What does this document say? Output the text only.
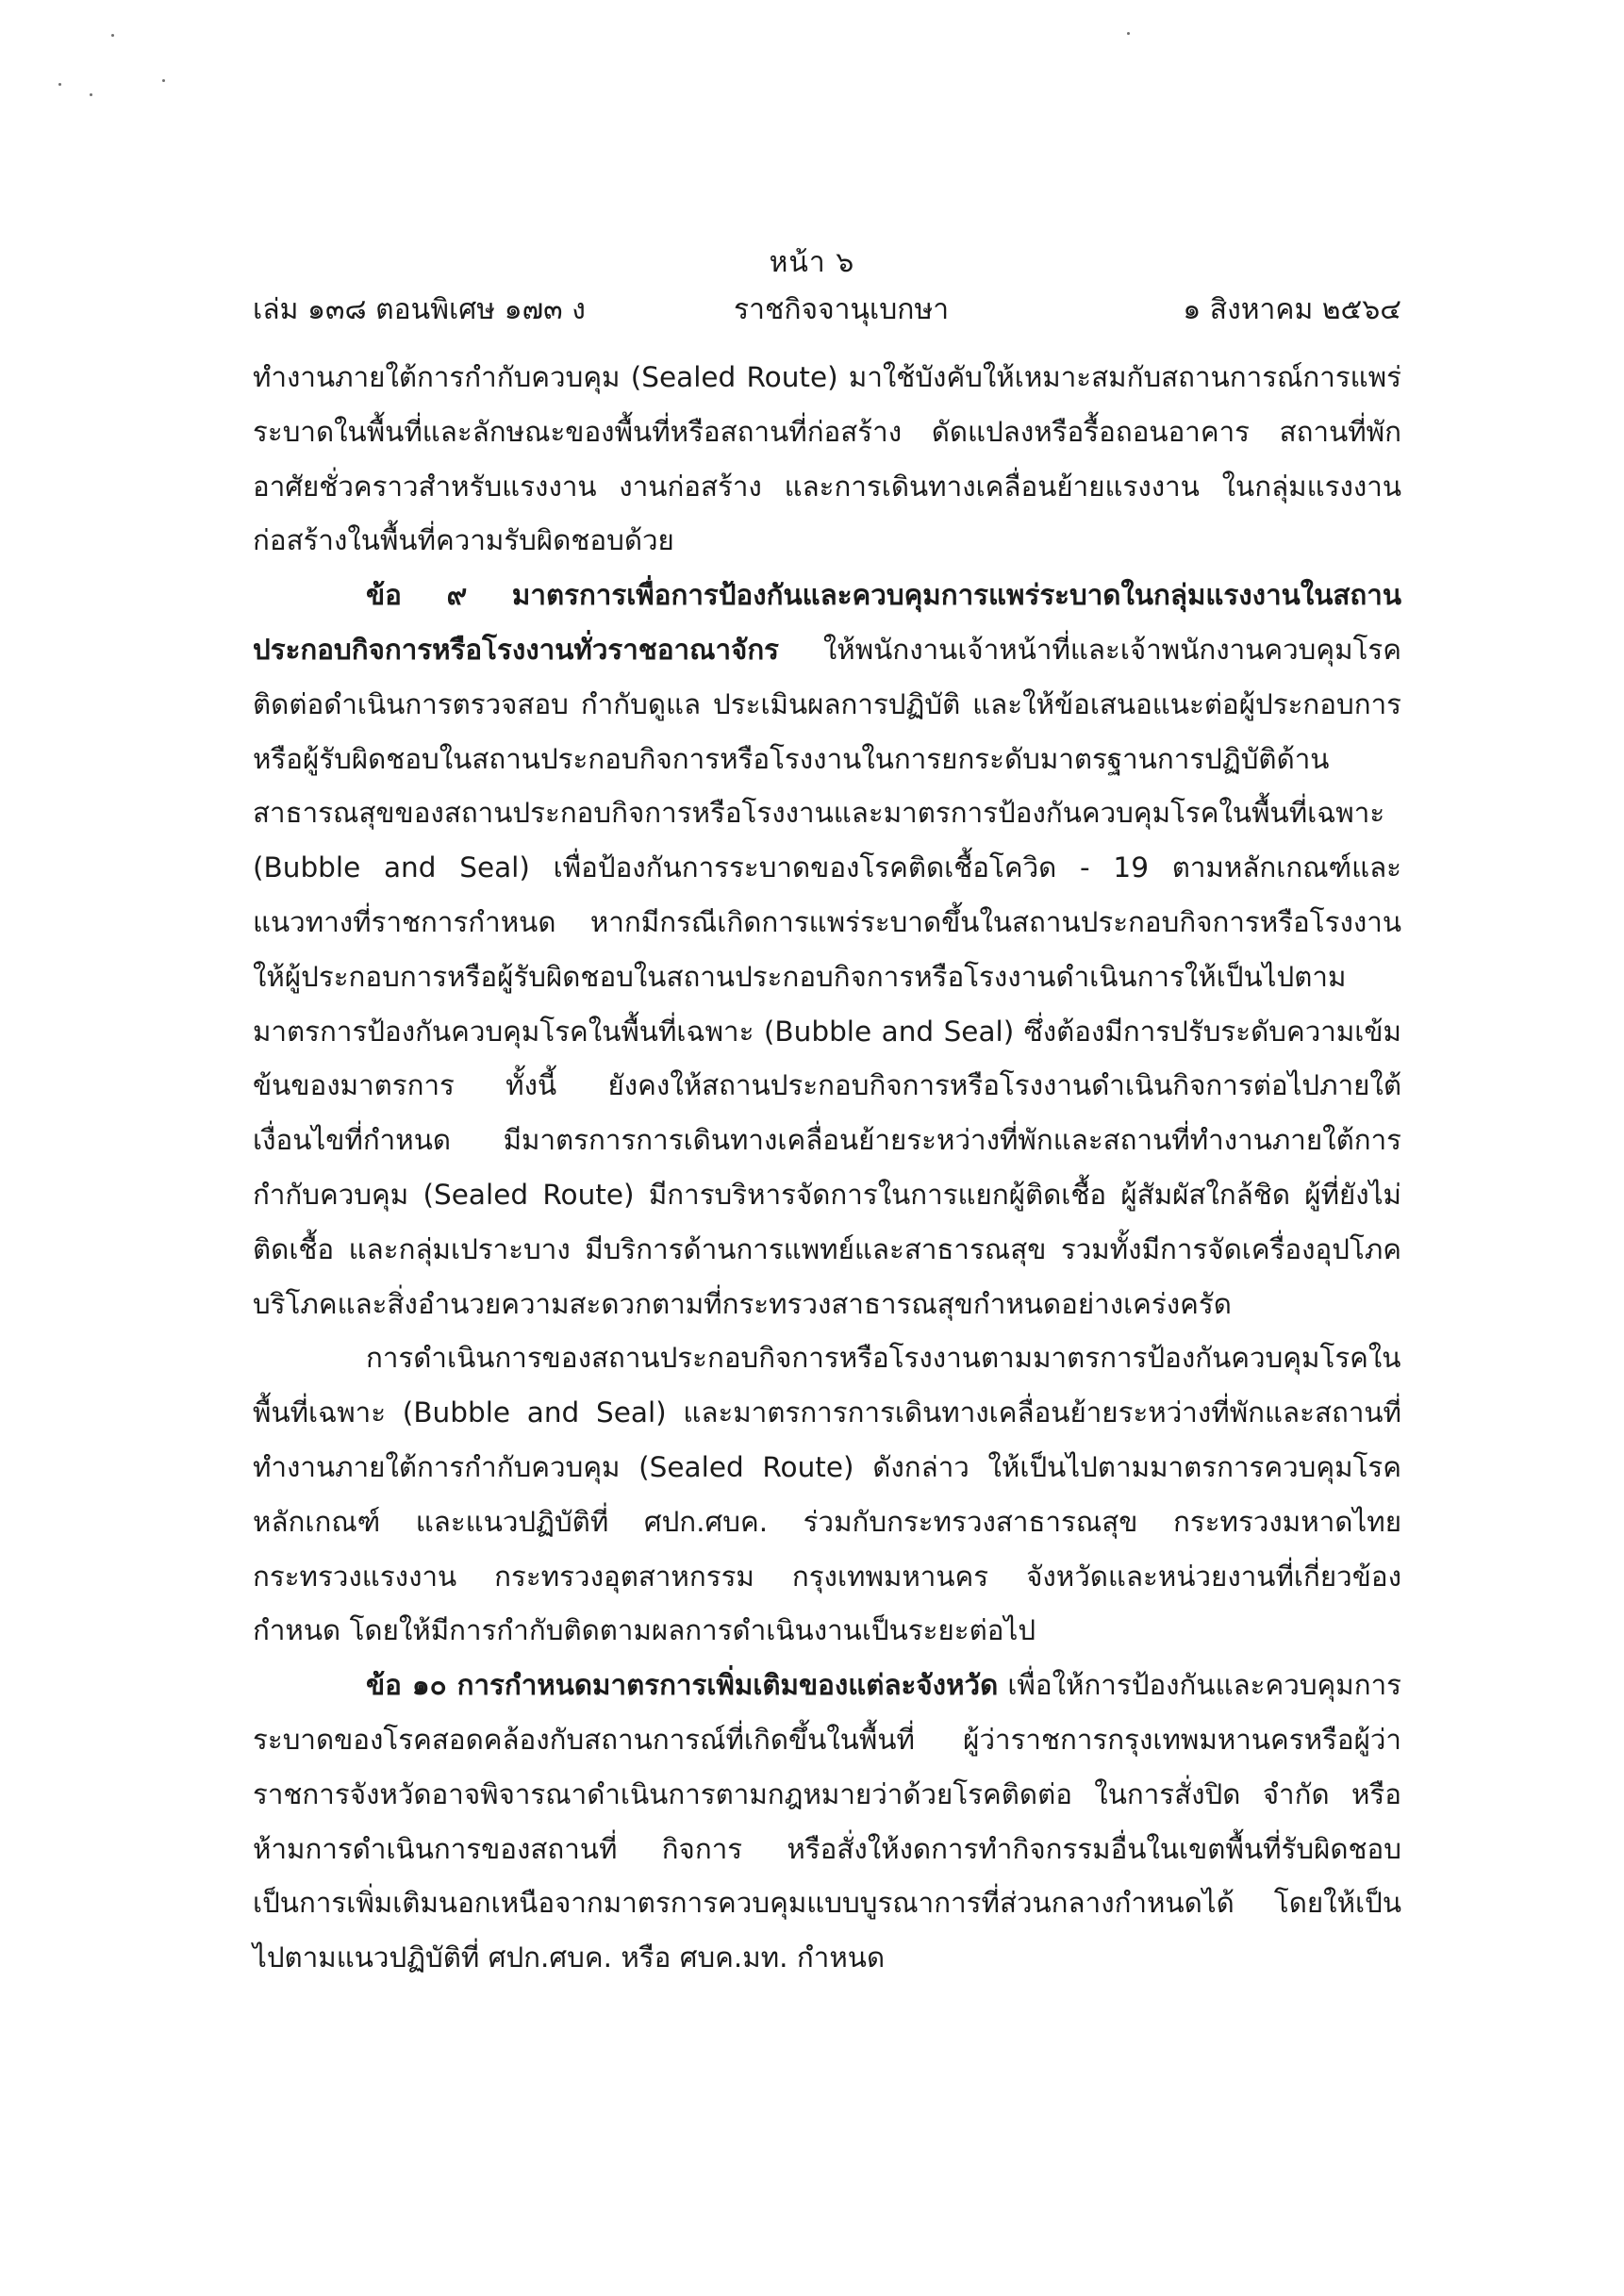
หน้า ๖
เล่ม ๑๓๘ ตอนพิเศษ ๑๗๓ ง	ราชกิจจานุเบกษา	๑ สิงหาคม ๒๕๖๔

ทำงานภายใต้การกำกับควบคุม (Sealed Route) มาใช้บังคับให้เหมาะสมกับสถานการณ์การแพร่ระบาดในพื้นที่และลักษณะของพื้นที่หรือสถานที่ก่อสร้าง ดัดแปลงหรือรื้อถอนอาคาร สถานที่พักอาศัยชั่วคราวสำหรับแรงงาน งานก่อสร้าง และการเดินทางเคลื่อนย้ายแรงงาน ในกลุ่มแรงงานก่อสร้างในพื้นที่ความรับผิดชอบด้วย

ข้อ ๙ มาตรการเพื่อการป้องกันและควบคุมการแพร่ระบาดในกลุ่มแรงงานในสถานประกอบกิจการหรือโรงงานทั่วราชอาณาจักร ให้พนักงานเจ้าหน้าที่และเจ้าพนักงานควบคุมโรคติดต่อดำเนินการตรวจสอบ กำกับดูแล ประเมินผลการปฏิบัติ และให้ข้อเสนอแนะต่อผู้ประกอบการหรือผู้รับผิดชอบในสถานประกอบกิจการหรือโรงงานในการยกระดับมาตรฐานการปฏิบัติด้านสาธารณสุขของสถานประกอบกิจการหรือโรงงานและมาตรการป้องกันควบคุมโรคในพื้นที่เฉพาะ (Bubble and Seal) เพื่อป้องกันการระบาดของโรคติดเชื้อโควิด - 19 ตามหลักเกณฑ์และแนวทางที่ราชการกำหนด หากมีกรณีเกิดการแพร่ระบาดขึ้นในสถานประกอบกิจการหรือโรงงาน ให้ผู้ประกอบการหรือผู้รับผิดชอบในสถานประกอบกิจการหรือโรงงานดำเนินการให้เป็นไปตามมาตรการป้องกันควบคุมโรคในพื้นที่เฉพาะ (Bubble and Seal) ซึ่งต้องมีการปรับระดับความเข้มข้นของมาตรการ ทั้งนี้ ยังคงให้สถานประกอบกิจการหรือโรงงานดำเนินกิจการต่อไปภายใต้เงื่อนไขที่กำหนด มีมาตรการการเดินทางเคลื่อนย้ายระหว่างที่พักและสถานที่ทำงานภายใต้การกำกับควบคุม (Sealed Route) มีการบริหารจัดการในการแยกผู้ติดเชื้อ ผู้สัมผัสใกล้ชิด ผู้ที่ยังไม่ติดเชื้อ และกลุ่มเปราะบาง มีบริการด้านการแพทย์และสาธารณสุข รวมทั้งมีการจัดเครื่องอุปโภคบริโภคและสิ่งอำนวยความสะดวกตามที่กระทรวงสาธารณสุขกำหนดอย่างเคร่งครัด

การดำเนินการของสถานประกอบกิจการหรือโรงงานตามมาตรการป้องกันควบคุมโรคในพื้นที่เฉพาะ (Bubble and Seal) และมาตรการการเดินทางเคลื่อนย้ายระหว่างที่พักและสถานที่ทำงานภายใต้การกำกับควบคุม (Sealed Route) ดังกล่าว ให้เป็นไปตามมาตรการควบคุมโรค หลักเกณฑ์ และแนวปฏิบัติที่ ศปก.ศบค. ร่วมกับกระทรวงสาธารณสุข กระทรวงมหาดไทย กระทรวงแรงงาน กระทรวงอุตสาหกรรม กรุงเทพมหานคร จังหวัดและหน่วยงานที่เกี่ยวข้องกำหนด โดยให้มีการกำกับติดตามผลการดำเนินงานเป็นระยะต่อไป

ข้อ ๑๐ การกำหนดมาตรการเพิ่มเติมของแต่ละจังหวัด เพื่อให้การป้องกันและควบคุมการระบาดของโรคสอดคล้องกับสถานการณ์ที่เกิดขึ้นในพื้นที่ ผู้ว่าราชการกรุงเทพมหานครหรือผู้ว่าราชการจังหวัดอาจพิจารณาดำเนินการตามกฎหมายว่าด้วยโรคติดต่อ ในการสั่งปิด จำกัด หรือห้ามการดำเนินการของสถานที่ กิจการ หรือสั่งให้งดการทำกิจกรรมอื่นในเขตพื้นที่รับผิดชอบเป็นการเพิ่มเติมนอกเหนือจากมาตรการควบคุมแบบบูรณาการที่ส่วนกลางกำหนดได้ โดยให้เป็นไปตามแนวปฏิบัติที่ ศปก.ศบค. หรือ ศบค.มท. กำหนด
